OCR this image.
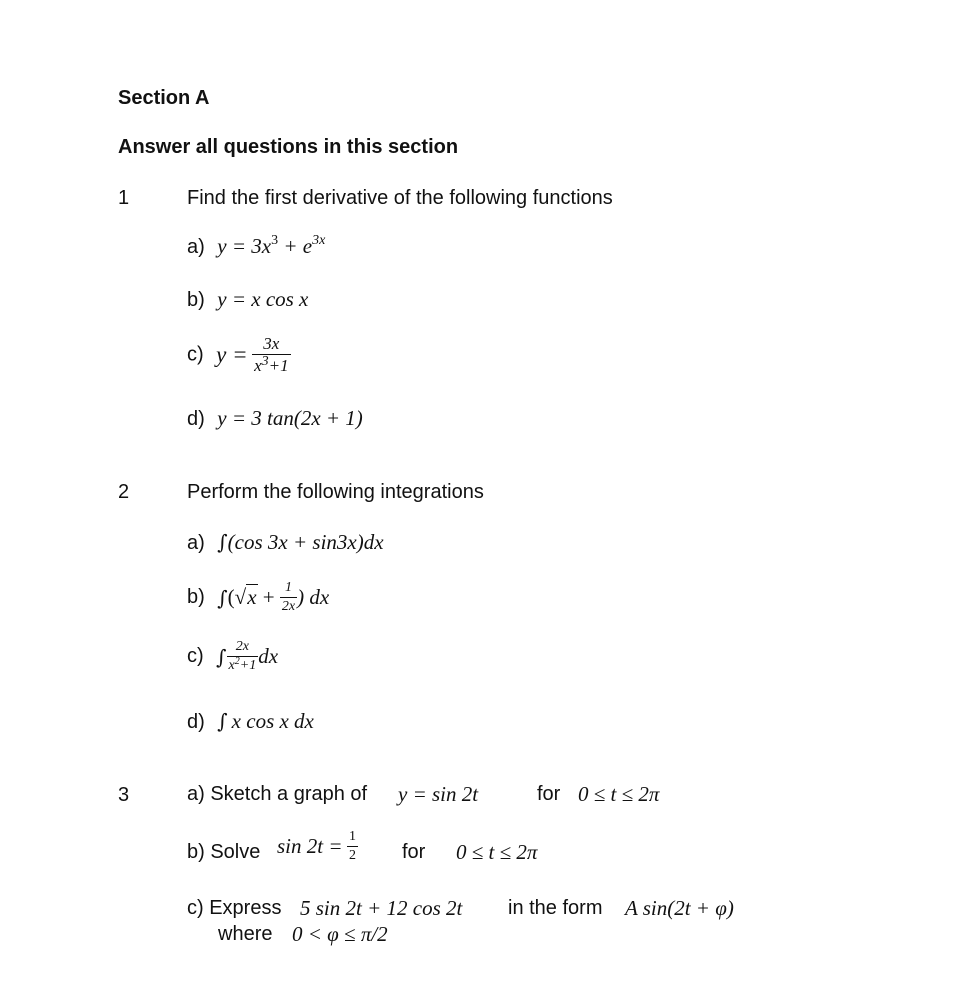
Section A
Answer all questions in this section
1	Find the first derivative of the following functions
a) y = 3x3 + e3x
b) y = x cos x
c) $y = \frac{3x}{x^3+1}$
d) y = 3 tan(2x + 1)
2	Perform the following integrations
a) ∫(cos 3x + sin3x)dx
b) $\int(√x + \frac{1}{2x}$ ) dx
c) ∫ $\frac{2x}{x^2+1}$ dx
d) ∫ x cos x dx
3	a) Sketch a graph of y = sin 2t	for 0 ≤ t ≤ 2π
b) Solve $\sin 2t = \frac{1}{2}$ for 0 ≤ t ≤ 2π
c) Express 5 sin 2t + 12 cos 2t in the form A sin(2t + φ)
where 0 < φ ≤ π/2
